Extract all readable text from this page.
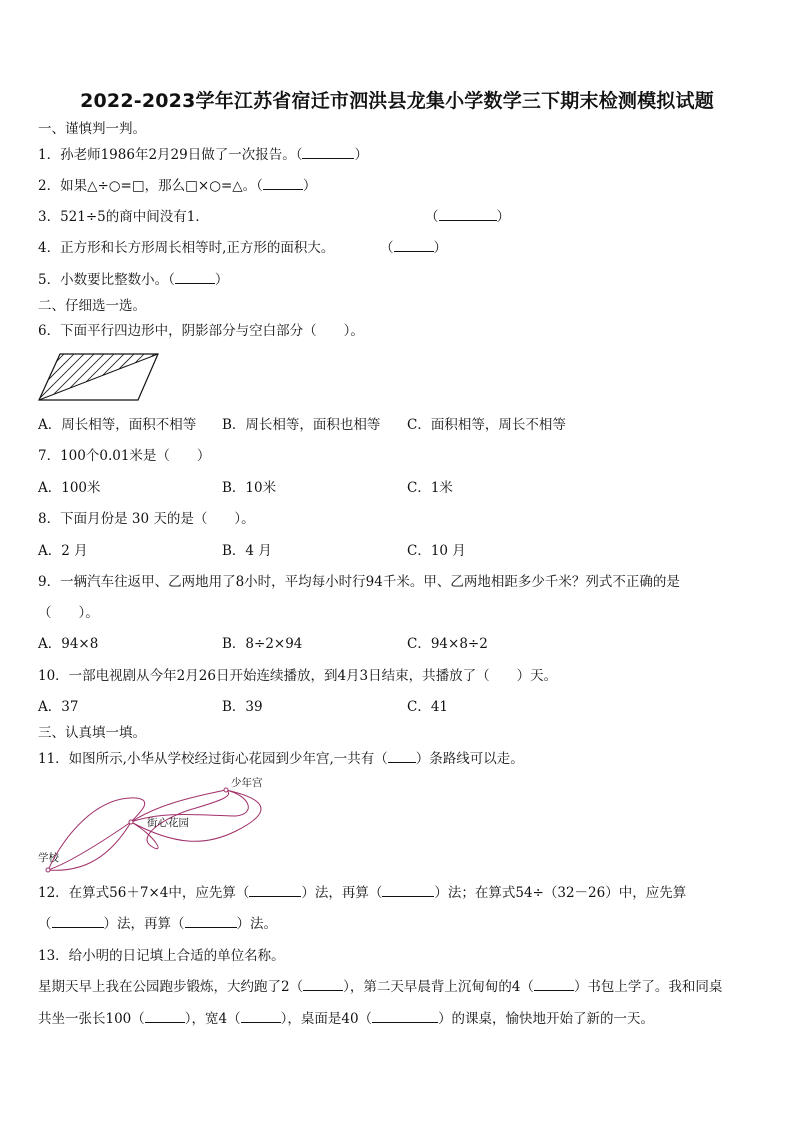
2022-2023学年江苏省宿迁市泗洪县龙集小学数学三下期末检测模拟试题
一、谨慎判一判。
1．孙老师1986年2月29日做了一次报告。（	）
2．如果△÷○=□，那么□×○=△。（	）
3．521÷5的商中间没有1．	（	）
4．正方形和长方形周长相等时,正方形的面积大。	（	）
5．小数要比整数小。（	）
二、仔细选一选。
6．下面平行四边形中，阴影部分与空白部分（　　）。
A．周长相等，面积不相等 B．周长相等，面积也相等 C．面积相等，周长不相等
7．100个0.01米是（　　）
A．100米	B．10米	C．1米
8．下面月份是 30 天的是（　　）。
A．2 月	B．4 月	C．10 月
9．一辆汽车往返甲、乙两地用了8小时，平均每小时行94千米。甲、乙两地相距多少千米？列式不正确的是
（　　）。
A．94×8	B．8÷2×94	C．94×8÷2
10．一部电视剧从今年2月26日开始连续播放，到4月3日结束，共播放了（　　）天。
A．37	B．39	C．41
三、认真填一填。
11．如图所示,小华从学校经过街心花园到少年宫,一共有（ ）条路线可以走。
少年宫
街心花园
学校
12．在算式56＋7×4中，应先算（	）法，再算（	）法；在算式54÷（32－26）中，应先算
（	）法，再算（	）法。
13．给小明的日记填上合适的单位名称。
星期天早上我在公园跑步锻炼，大约跑了2（	），第二天早晨背上沉甸甸的4（	）书包上学了。我和同桌
共坐一张长100（	），宽4（	），桌面是40（	）的课桌，愉快地开始了新的一天。
